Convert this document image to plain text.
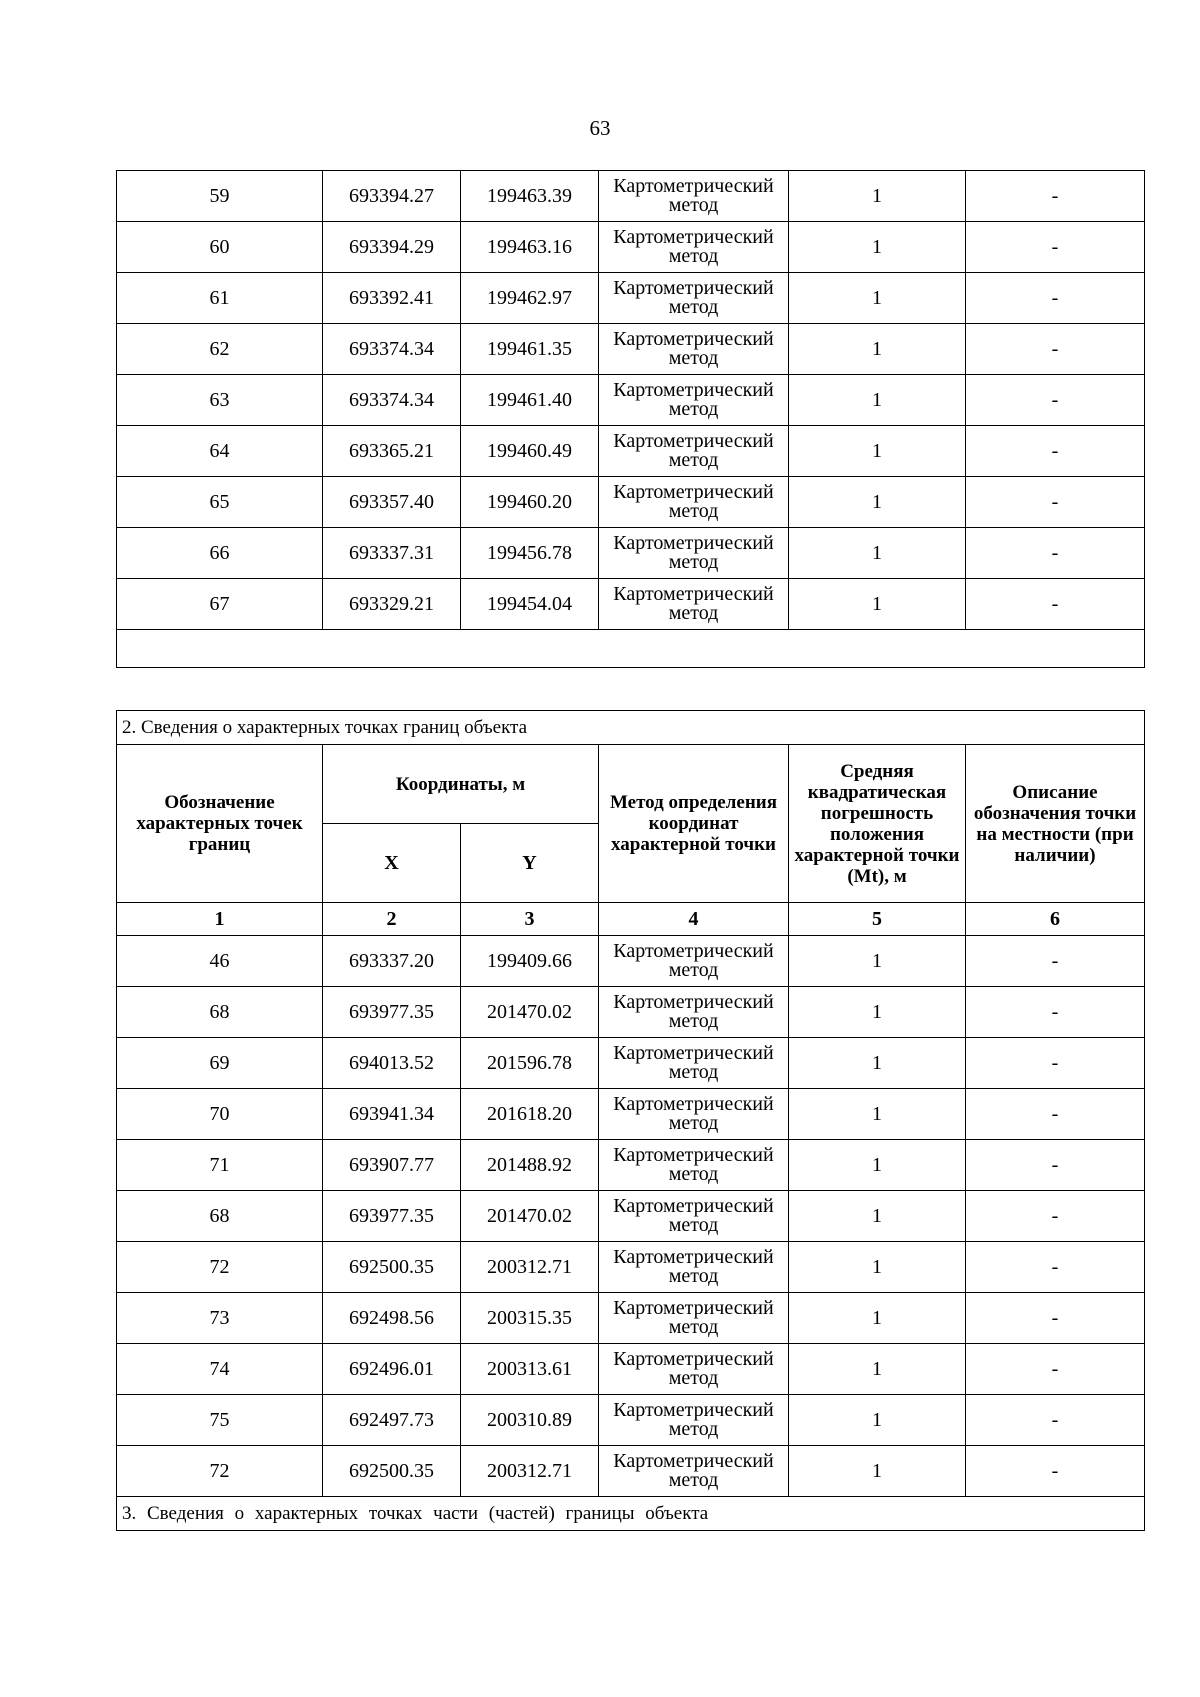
63
59	693394.27	199463.39	Картометрический метод	1	-
60	693394.29	199463.16	Картометрический метод	1	-
61	693392.41	199462.97	Картометрический метод	1	-
62	693374.34	199461.35	Картометрический метод	1	-
63	693374.34	199461.40	Картометрический метод	1	-
64	693365.21	199460.49	Картометрический метод	1	-
65	693357.40	199460.20	Картометрический метод	1	-
66	693337.31	199456.78	Картометрический метод	1	-
67	693329.21	199454.04	Картометрический метод	1	-

2. Сведения о характерных точках границ объекта					
Обозначение характерных точек границ	Координаты, м		Метод определения координат характерной точки	Средняя квадратическая погрешность положения характерной точки (Mt), м	Описание обозначения точки на местности (при наличии)
	X	Y			
1	2	3	4	5	6
46	693337.20	199409.66	Картометрический метод	1	-
68	693977.35	201470.02	Картометрический метод	1	-
69	694013.52	201596.78	Картометрический метод	1	-
70	693941.34	201618.20	Картометрический метод	1	-
71	693907.77	201488.92	Картометрический метод	1	-
68	693977.35	201470.02	Картометрический метод	1	-
72	692500.35	200312.71	Картометрический метод	1	-
73	692498.56	200315.35	Картометрический метод	1	-
74	692496.01	200313.61	Картометрический метод	1	-
75	692497.73	200310.89	Картометрический метод	1	-
72	692500.35	200312.71	Картометрический метод	1	-
3. Сведения о характерных точках части (частей) границы объекта					
